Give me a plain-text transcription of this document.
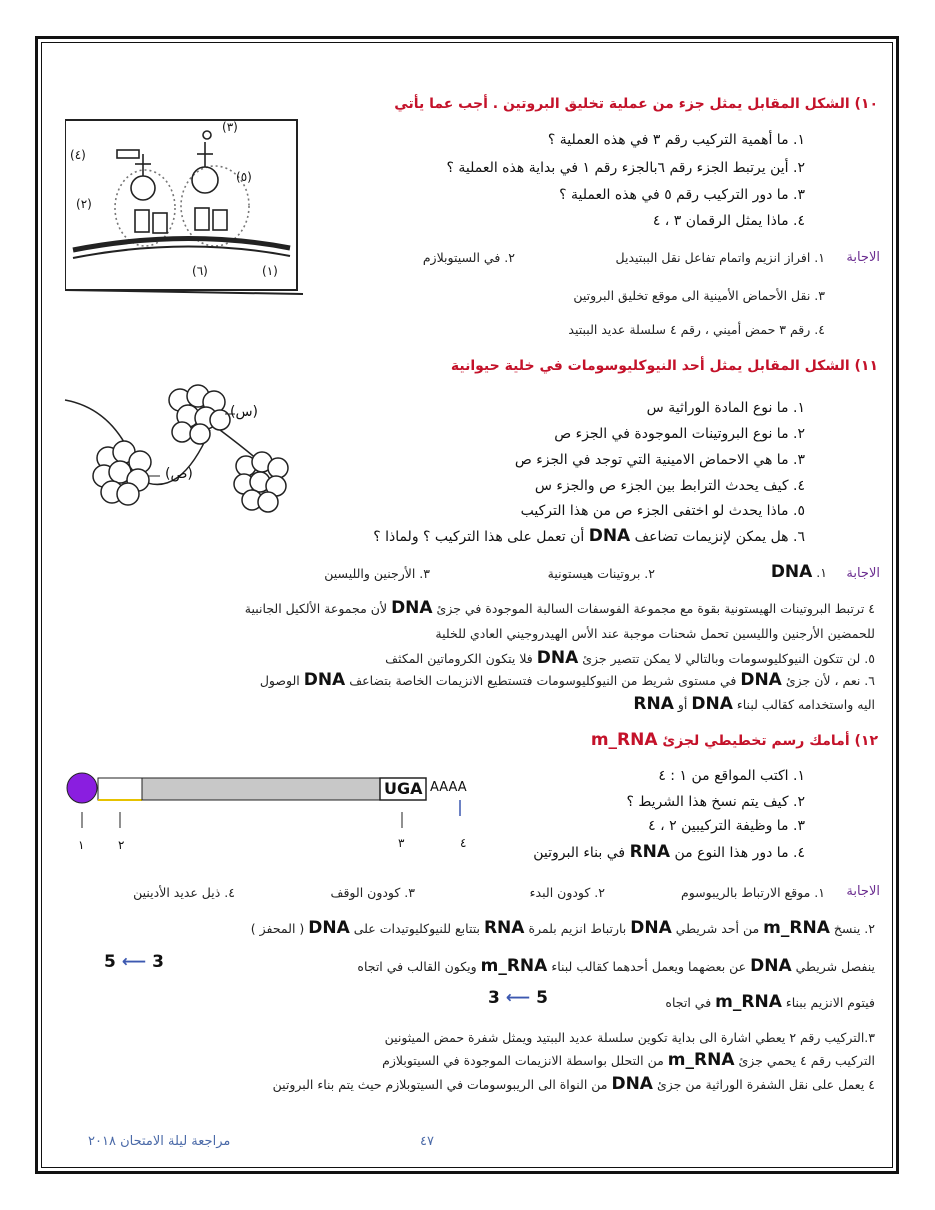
١٠) الشكل المقابل يمثل جزء من عملية تخليق البروتين . أجب عما يأتي
(٣)
(٤)
(٥)
(٢)
(٦)	(١)
١. ما أهمية التركيب رقم ٣ في هذه العملية ؟
٢. أين يرتبط الجزء رقم ٦بالجزء رقم ١ في بداية هذه العملية ؟
٣. ما دور التركيب رقم ٥ في هذه العملية ؟
٤. ماذا يمثل الرقمان ٣ ، ٤
الاجابة
١. افراز انزيم واتمام تفاعل نقل الببتيديل
٢. في السيتوبلازم
٣. نقل الأحماض الأمينية الى موقع تخليق البروتين
٤. رقم ٣ حمض أميني ، رقم ٤ سلسلة عديد الببتيد
١١) الشكل المقابل يمثل أحد النيوكليوسومات في خلية حيوانية
(س)
(ص)
١. ما نوع المادة الوراثية س
٢. ما نوع البروتينات الموجودة في الجزء ص
٣. ما هي الاحماض الامينية التي توجد في الجزء ص
٤. كيف يحدث الترابط بين الجزء ص والجزء س
٥. ماذا يحدث لو اختفى الجزء ص من هذا التركيب
٦. هل يمكن لإنزيمات تضاعف DNA أن تعمل على هذا التركيب ؟ ولماذا ؟
الاجابة
١. DNA
٢. بروتينات هيستونية
٣. الأرجنين والليسين
٤ ترتبط البروتينات الهيستونية بقوة مع مجموعة الفوسفات السالبة الموجودة في جزئ DNA لأن مجموعة الألكيل الجانبية
للحمضين الأرجنين والليسين تحمل شحنات موجبة عند الأس الهيدروجيني العادي للخلية
٥. لن تتكون النيوكليوسومات وبالتالي لا يمكن تتصير جزئ DNA فلا يتكون الكروماتين المكثف
٦. نعم ، لأن جزئ DNA في مستوى شريط من النيوكليوسومات فتستطيع الانزيمات الخاصة بتضاعف DNA الوصول
اليه واستخدامه كقالب لبناء DNA أو RNA
١٢) أمامك رسم تخطيطي لجزئ m_RNA
UGA AAAA
١	٢	٣	٤
١. اكتب المواقع من ١ : ٤
٢. كيف يتم نسخ هذا الشريط ؟
٣. ما وظيفة التركيبين ٢ ، ٤
٤. ما دور هذا النوع من RNA في بناء البروتين
الاجابة
١. موقع الارتباط بالريبوسوم
٢. كودون البدء
٣. كودون الوقف
٤. ذيل عديد الأدينين
٢. ينسخ m_RNA من أحد شريطي DNA بارتباط انزيم بلمرة RNA بتتابع للنيوكليوتيدات على DNA ( المحفز )
ينفصل شريطي DNA عن بعضهما ويعمل أحدهما كقالب لبناء m_RNA ويكون القالب في اتجاه
3 ⟵ 5
فيتوم الانزيم ببناء m_RNA في اتجاه
5 ⟵ 3
٣.التركيب رقم ٢ يعطي اشارة الى بداية تكوين سلسلة عديد الببتيد ويمثل شفرة حمض الميثونين
التركيب رقم ٤ يحمي جزئ m_RNA من التحلل بواسطة الانزيمات الموجودة في السيتوبلازم
٤ يعمل على نقل الشفرة الوراثية من جزئ DNA من النواة الى الريبوسومات في السيتوبلازم حيث يتم بناء البروتين
٤٧
مراجعة ليلة الامتحان ٢٠١٨
